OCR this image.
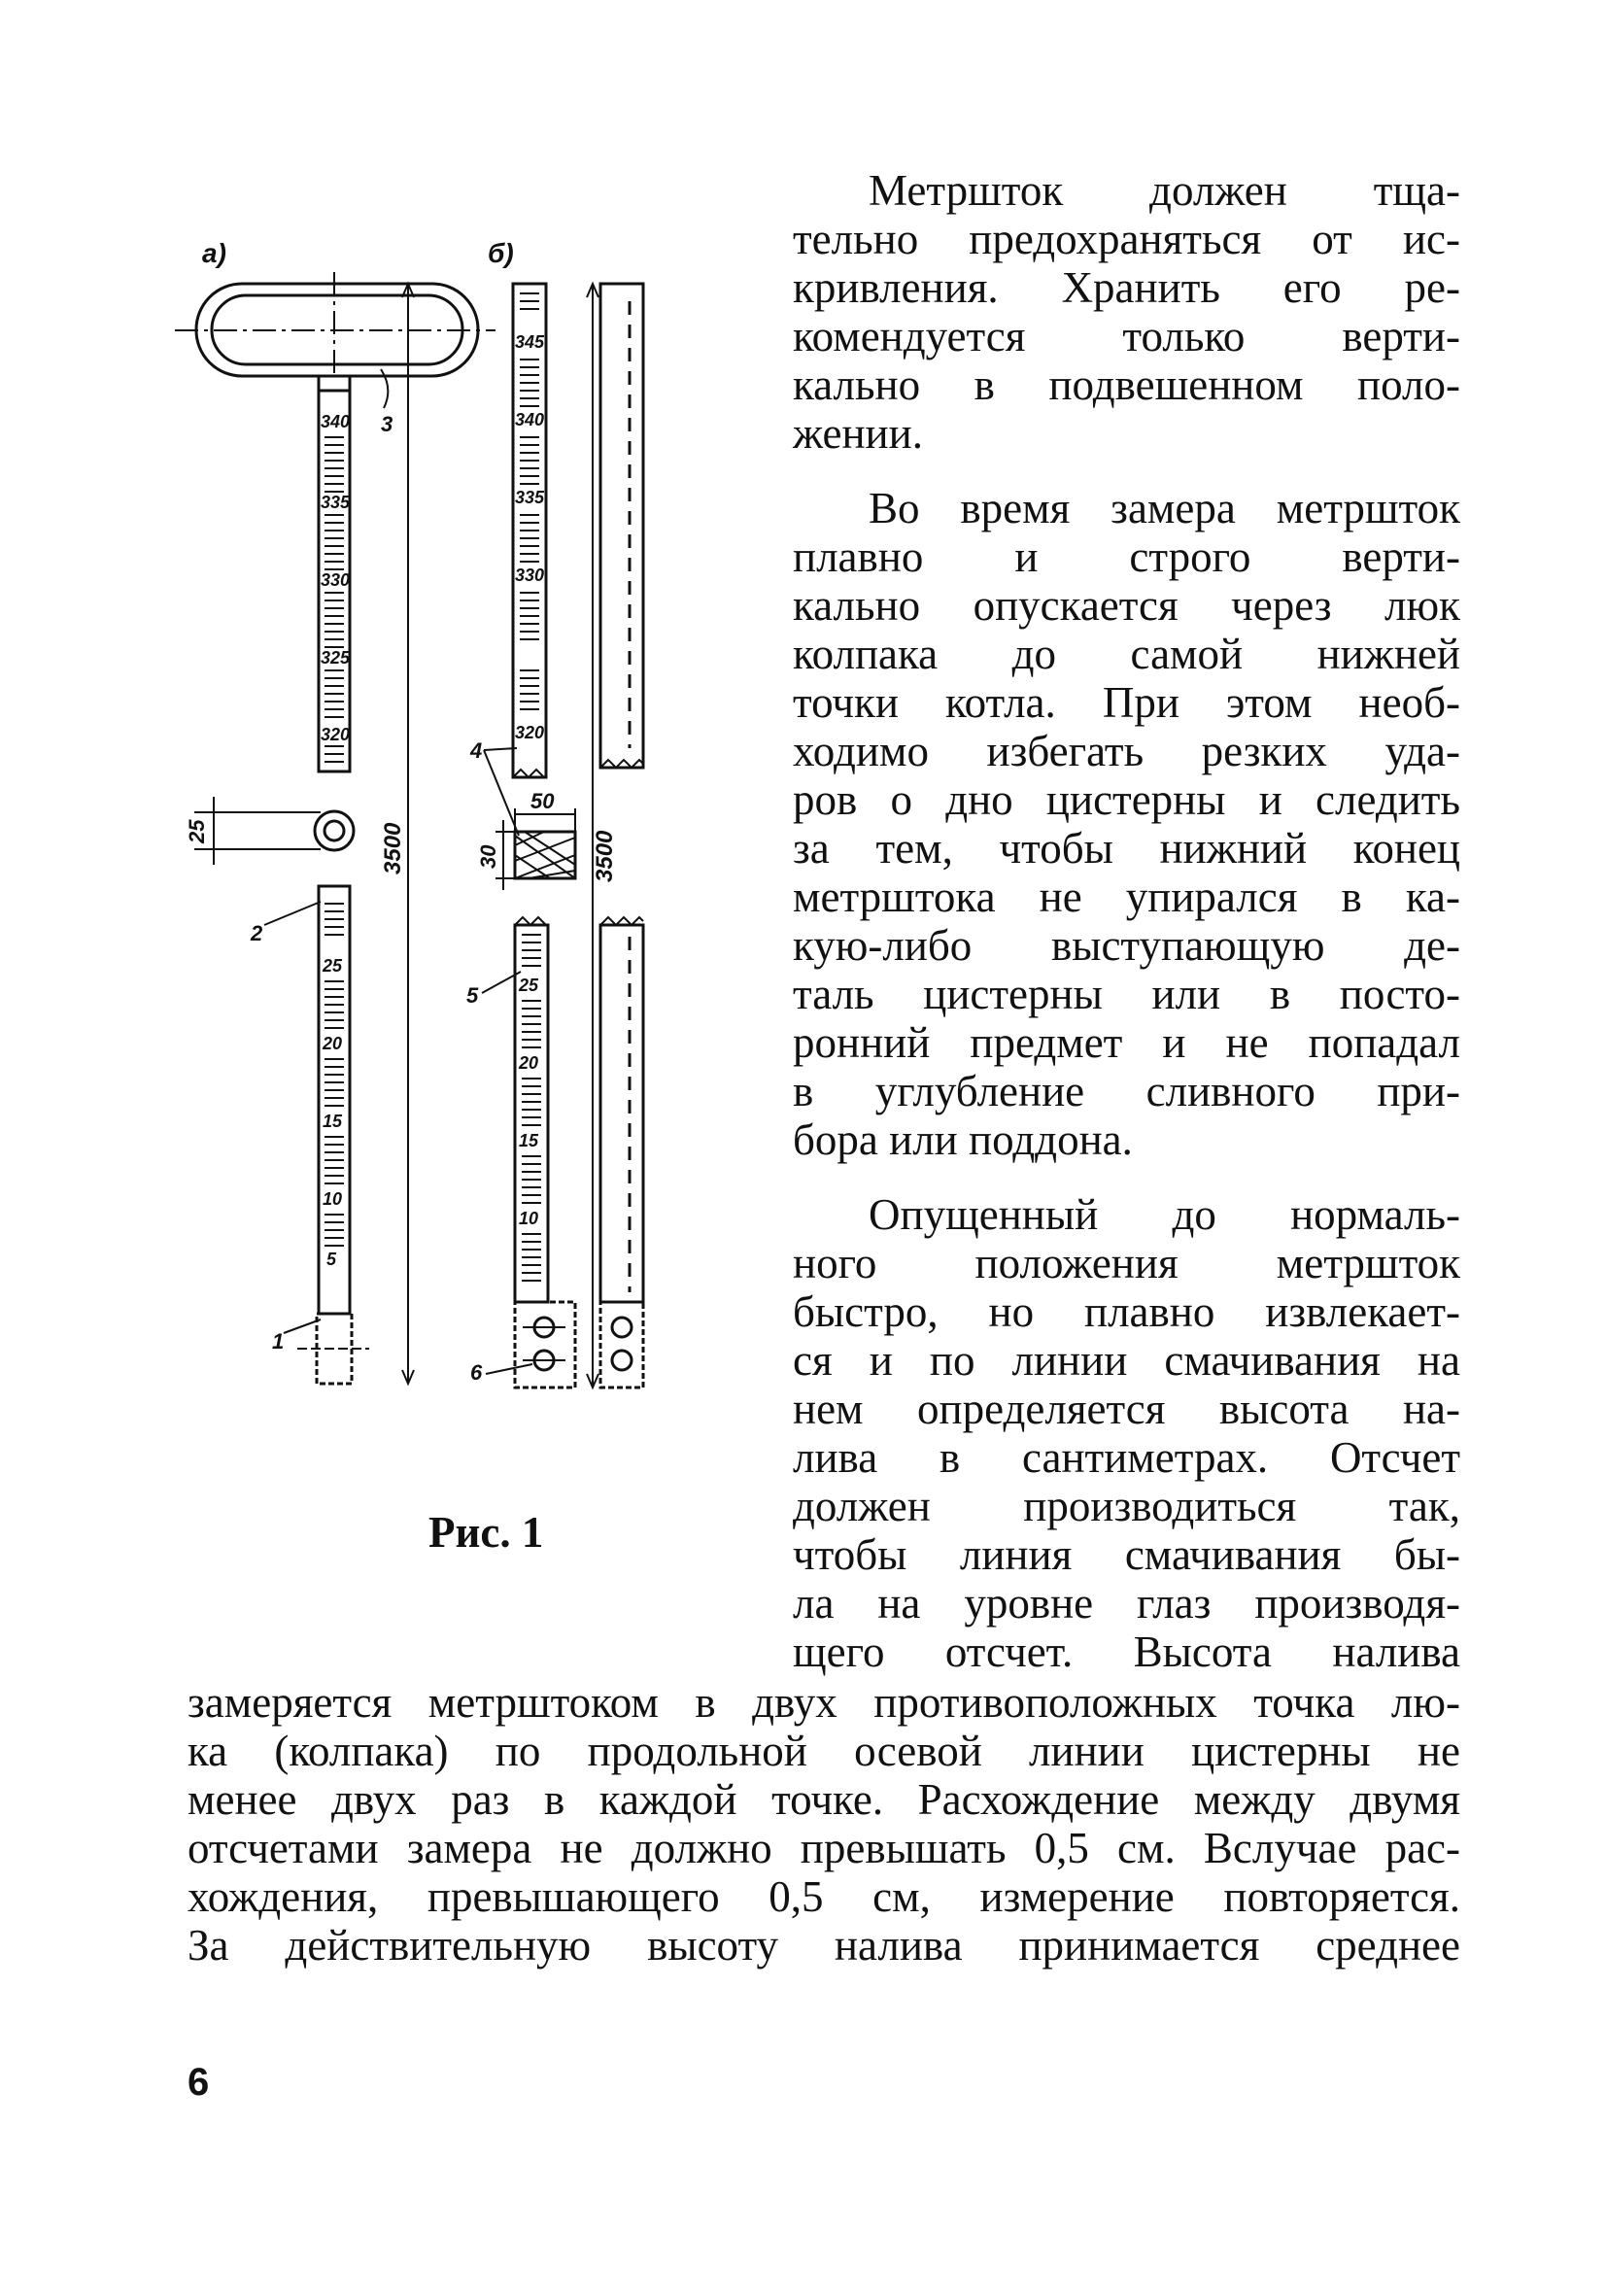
Метршток должен тща-
тельно предохраняться от ис-
кривления. Хранить его ре-
комендуется только верти-
кально в подвешенном поло-
жении.
Во время замера метршток
плавно и строго верти-
кально опускается через люк
колпака до самой нижней
точки котла. При этом необ-
ходимо избегать резких уда-
ров о дно цистерны и следить
за тем, чтобы нижний конец
метрштока не упирался в ка-
кую-либо выступающую де-
таль цистерны или в посто-
ронний предмет и не попадал
в углубление сливного при-
бора или поддона.
Опущенный до нормаль-
ного положения метршток
быстро, но плавно извлекает-
ся и по линии смачивания на
нем определяется высота на-
лива в сантиметрах. Отсчет
должен производиться так,
чтобы линия смачивания бы-
ла на уровне глаз производя-
щего отсчет. Высота налива
замеряется метрштоком в двух противоположных точка лю-
ка (колпака) по продольной осевой линии цистерны не
менее двух раз в каждой точке. Расхождение между двумя
отсчетами замера не должно превышать 0,5 см. Вслучае рас-
хождения, превышающего 0,5 см, измерение повторяется.
За действительную высоту налива принимается среднее
Рис. 1
6
а)
340
335
330
325
320
25
25
20
15
10
5
3500
3
2
1
б)
345
340
335
330
320
50
30
4
25
20
15
10
5
6
3500
